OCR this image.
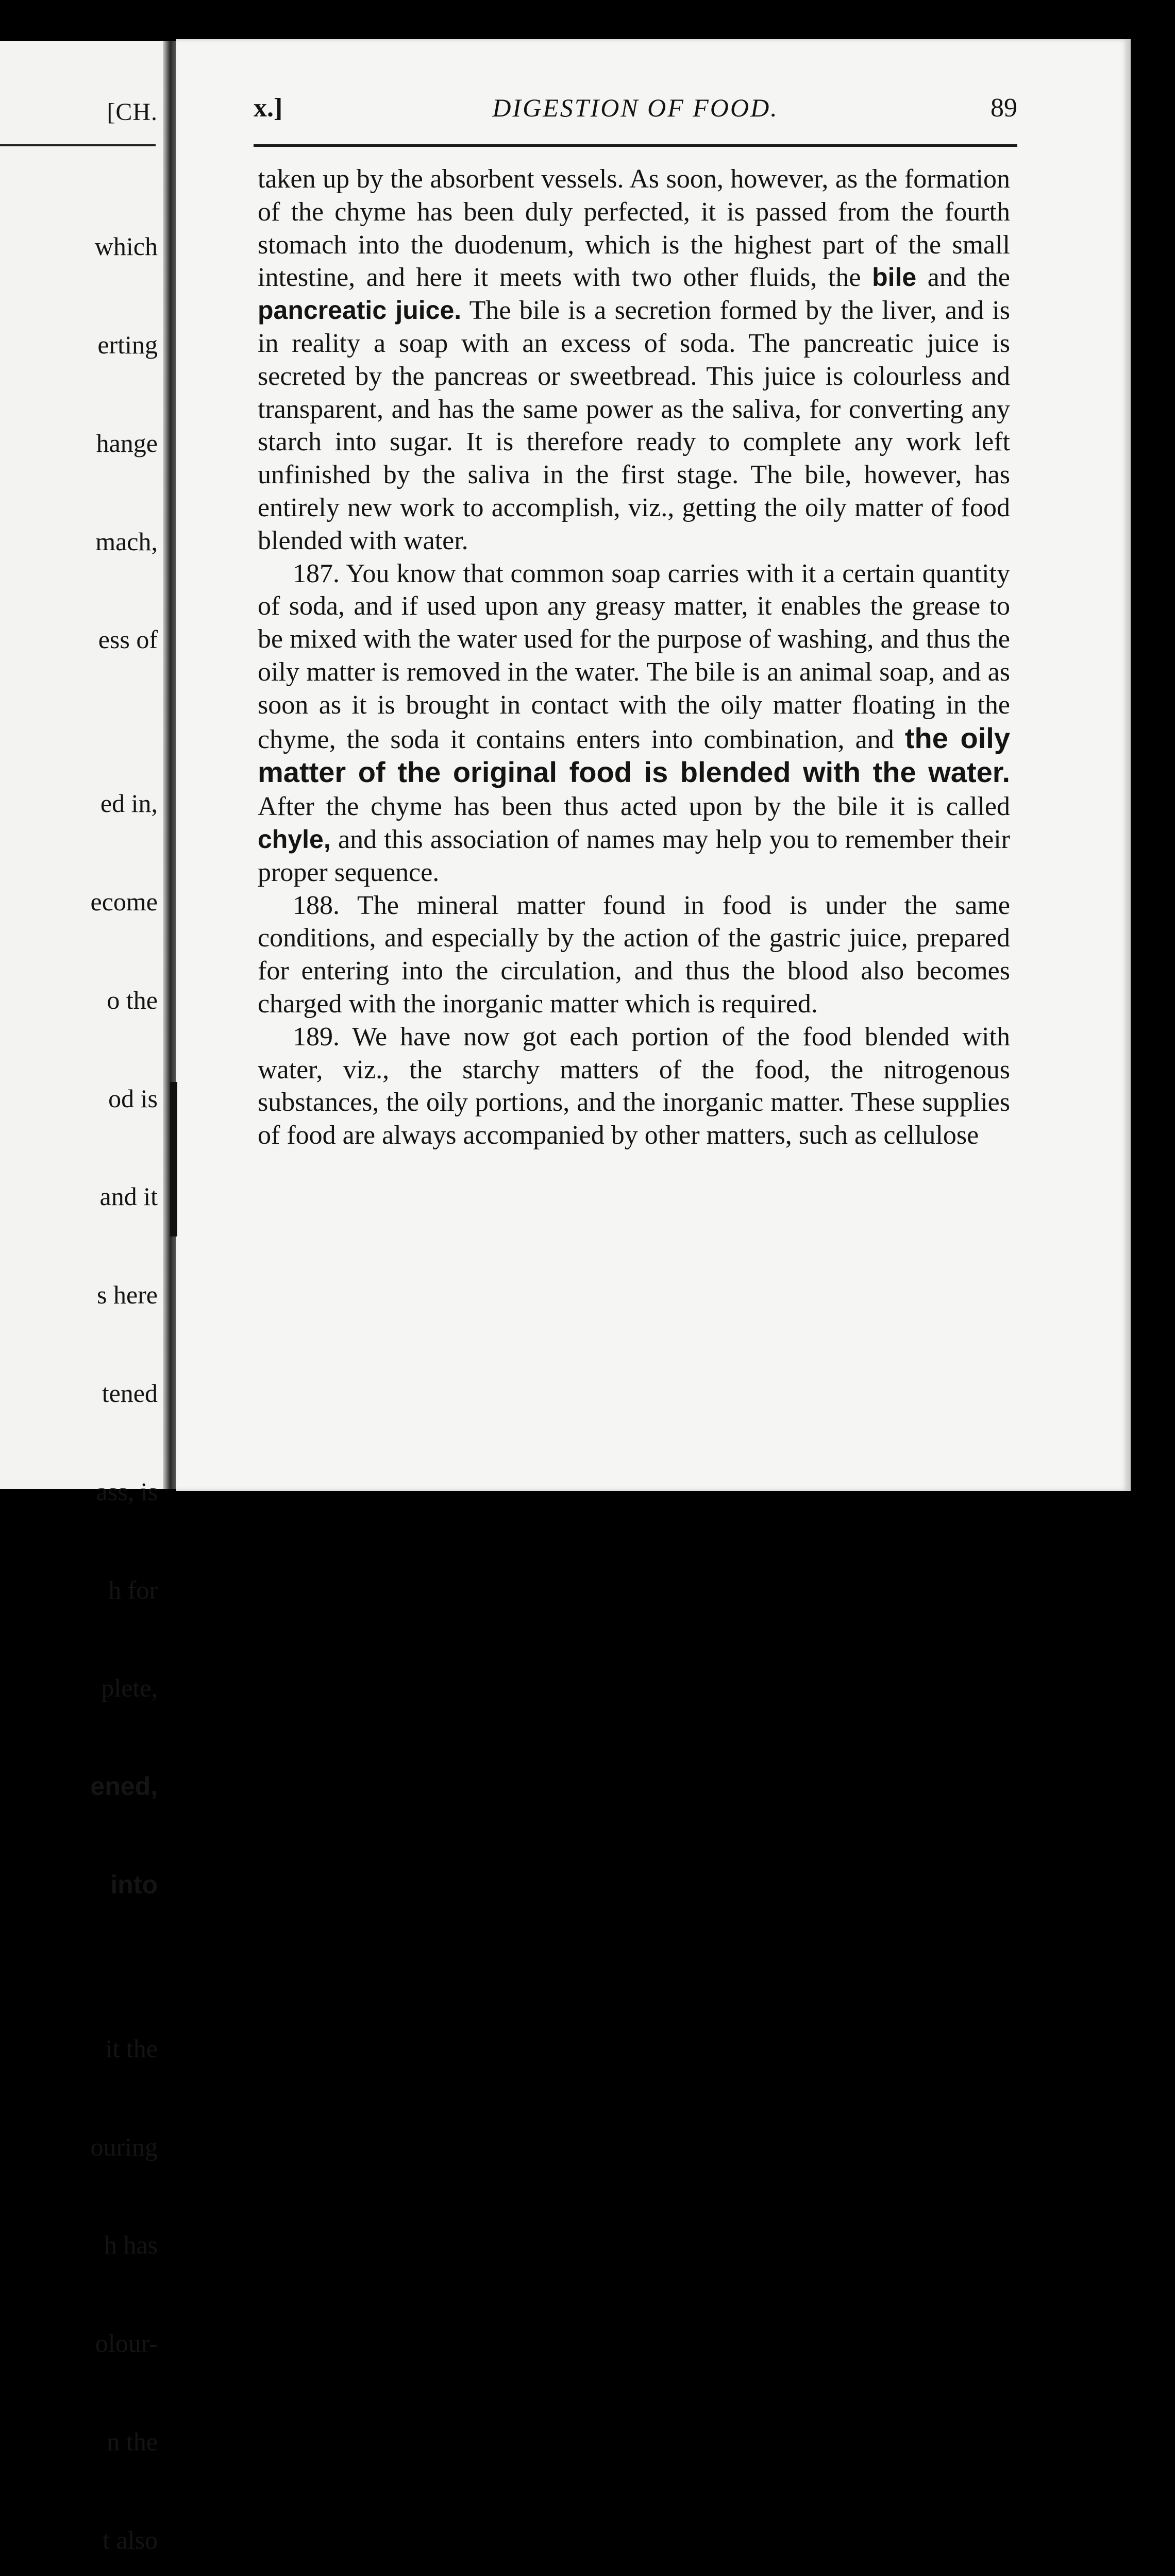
[CH.

which

erting

hange

mach,

ess of

ed in,

ecome

o the

od is

and it

s here

tened

ass, is

h for

plete,

ened,

into

it the

ouring

h has

olour-

n the

t also

x.]	DIGESTION OF FOOD.	89

taken up by the absorbent vessels. As soon, however, as the formation of the chyme has been duly perfected, it is passed from the fourth stomach into the duodenum, which is the highest part of the small intestine, and here it meets with two other fluids, the bile and the pancreatic juice. The bile is a secretion formed by the liver, and is in reality a soap with an excess of soda. The pancreatic juice is secreted by the pancreas or sweetbread. This juice is colourless and transparent, and has the same power as the saliva, for converting any starch into sugar. It is therefore ready to complete any work left unfinished by the saliva in the first stage. The bile, however, has entirely new work to accomplish, viz., getting the oily matter of food blended with water.

187. You know that common soap carries with it a certain quantity of soda, and if used upon any greasy matter, it enables the grease to be mixed with the water used for the purpose of washing, and thus the oily matter is removed in the water. The bile is an animal soap, and as soon as it is brought in contact with the oily matter floating in the chyme, the soda it contains enters into combination, and the oily matter of the original food is blended with the water. After the chyme has been thus acted upon by the bile it is called chyle, and this association of names may help you to remember their proper sequence.

188. The mineral matter found in food is under the same conditions, and especially by the action of the gastric juice, prepared for entering into the circulation, and thus the blood also becomes charged with the inorganic matter which is required.

189. We have now got each portion of the food blended with water, viz., the starchy matters of the food, the nitrogenous substances, the oily portions, and the inorganic matter. These supplies of food are always accompanied by other matters, such as cellulose
